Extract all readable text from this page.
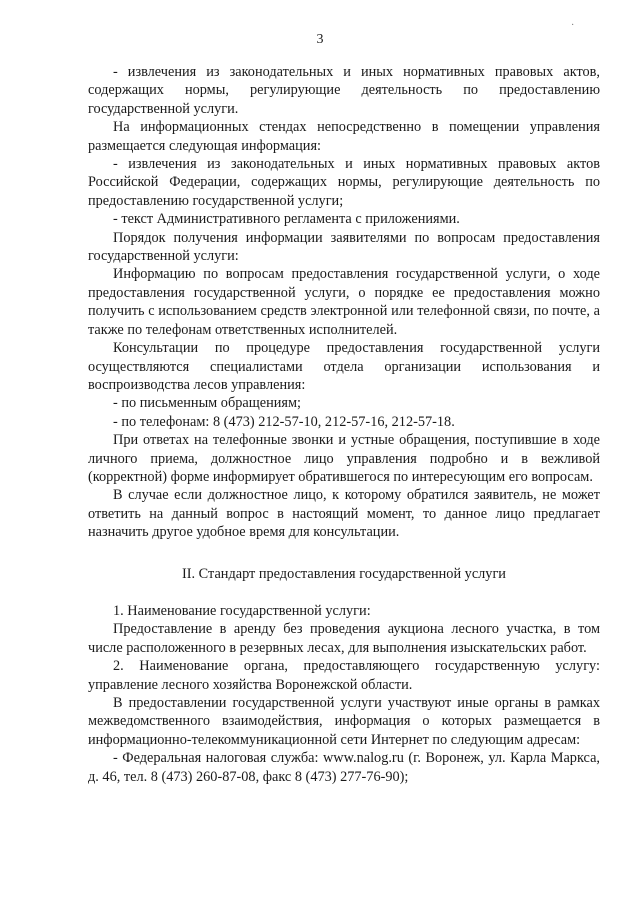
3
·

- извлечения из законодательных и иных нормативных правовых актов, содержащих нормы, регулирующие деятельность по предоставлению государственной услуги.

На информационных стендах непосредственно в помещении управления размещается следующая информация:

- извлечения из законодательных и иных нормативных правовых актов Российской Федерации, содержащих нормы, регулирующие деятельность по предоставлению государственной услуги;

- текст Административного регламента с приложениями.

Порядок получения информации заявителями по вопросам предоставления государственной услуги:

Информацию по вопросам предоставления государственной услуги, о ходе предоставления государственной услуги, о порядке ее предоставления можно получить с использованием средств электронной или телефонной связи, по почте, а также по телефонам ответственных исполнителей.

Консультации по процедуре предоставления государственной услуги осуществляются специалистами отдела организации использования и воспроизводства лесов управления:

- по письменным обращениям;

- по телефонам: 8 (473) 212-57-10, 212-57-16, 212-57-18.

При ответах на телефонные звонки и устные обращения, поступившие в ходе личного приема, должностное лицо управления подробно и в вежливой (корректной) форме информирует обратившегося по интересующим его вопросам.

В случае если должностное лицо, к которому обратился заявитель, не может ответить на данный вопрос в настоящий момент, то данное лицо предлагает назначить другое удобное время для консультации.

II. Стандарт предоставления государственной услуги

1. Наименование государственной услуги:

Предоставление в аренду без проведения аукциона лесного участка, в том числе расположенного в резервных лесах, для выполнения изыскательских работ.

2. Наименование органа, предоставляющего государственную услугу: управление лесного хозяйства Воронежской области.

В предоставлении государственной услуги участвуют иные органы в рамках межведомственного взаимодействия, информация о которых размещается в информационно-телекоммуникационной сети Интернет по следующим адресам:

- Федеральная налоговая служба: www.nalog.ru (г. Воронеж, ул. Карла Маркса, д. 46, тел. 8 (473) 260-87-08, факс 8 (473) 277-76-90);
